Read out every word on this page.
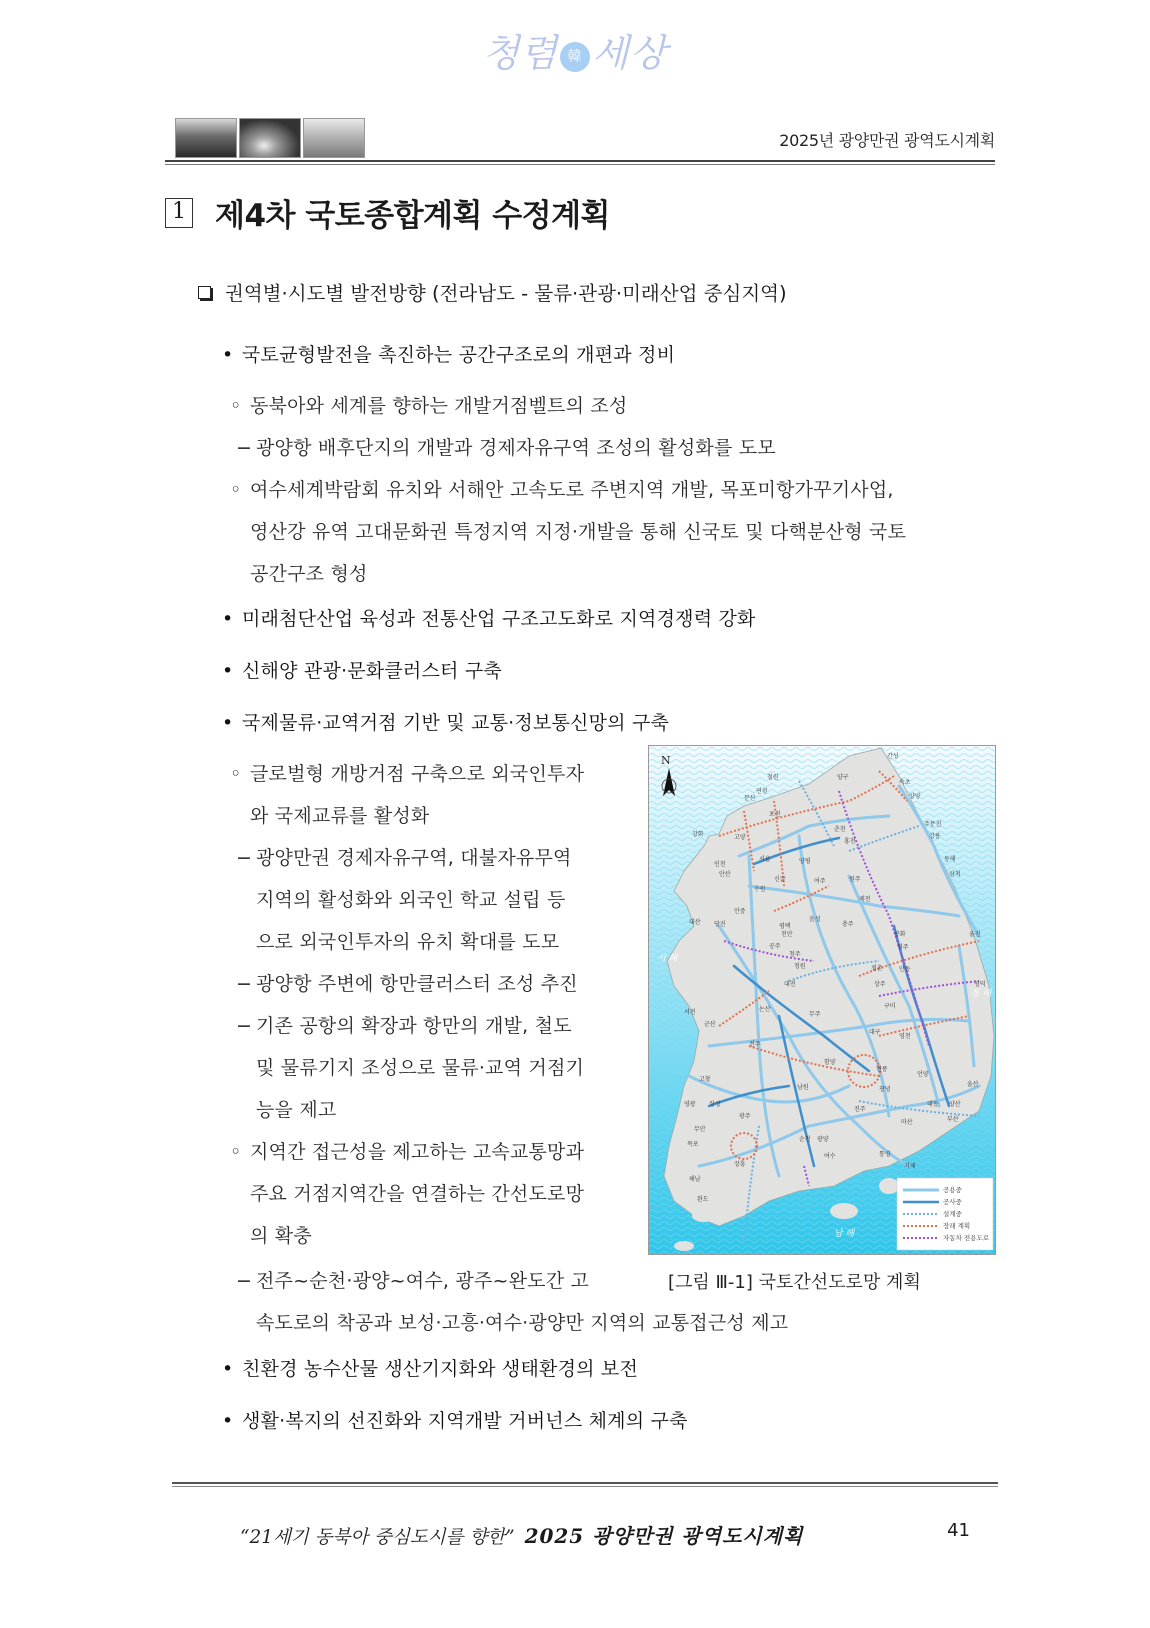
청렴 韓 세상
2025년 광양만권 광역도시계획
1 제4차 국토종합계획 수정계획
권역별·시도별 발전방향 (전라남도 - 물류·관광·미래산업 중심지역)
• 국토균형발전을 촉진하는 공간구조로의 개편과 정비
◦ 동북아와 세계를 향하는 개발거점벨트의 조성
− 광양항 배후단지의 개발과 경제자유구역 조성의 활성화를 도모
◦ 여수세계박람회 유치와 서해안 고속도로 주변지역 개발, 목포미항가꾸기사업,
영산강 유역 고대문화권 특정지역 지정·개발을 통해 신국토 및 다핵분산형 국토
공간구조 형성
• 미래첨단산업 육성과 전통산업 구조고도화로 지역경쟁력 강화
• 신해양 관광·문화클러스터 구축
• 국제물류·교역거점 기반 및 교통·정보통신망의 구축
◦ 글로벌형 개방거점 구축으로 외국인투자
와 국제교류를 활성화
− 광양만권 경제자유구역, 대불자유무역
지역의 활성화와 외국인 학교 설립 등
으로 외국인투자의 유치 확대를 도모
− 광양항 주변에 항만클러스터 조성 추진
− 기존 공항의 확장과 항만의 개발, 철도
및 물류기지 조성으로 물류·교역 거점기
능을 제고
◦ 지역간 접근성을 제고하는 고속교통망과
주요 거점지역간을 연결하는 간선도로망
의 확충
− 전주~순천·광양~여수, 광주~완도간 고
속도로의 착공과 보성·고흥·여수·광양만 지역의 교통접근성 제고
• 친환경 농수산물 생산기지화와 생태환경의 보전
• 생활·복지의 선진화와 지역개발 거버넌스 체계의 구축
N
서 해
동 해
남 해
간성
속초
양양
주문진
강릉
동해
삼척
울진
영덕
철원
연천
양구
문산
포천
춘천
홍천
강화	고양
서울	양평
인천
안산
신갈	여주	원주
수원
제천
안중
대산 당진
음성
평택	충주
천안	봉화
영주
공주
청주
청원	점촌	안동
서천
대전	상주
구미
군산
논산
무주
대구
영천
전주
함양
현풍
언양
고창
남원	창녕
울산
영광 장성
진주
대동 양산
광주
마산	부산
무안
목포
순천 광양
여수	통영
거제
장흥
해남
완도
공용중
공사중
설계중
장래 계획
자동차 전용도로
[그림 Ⅲ-1] 국토간선도로망 계획
“21세기 동북아 중심도시를 향한” 2025 광양만권 광역도시계획	41
